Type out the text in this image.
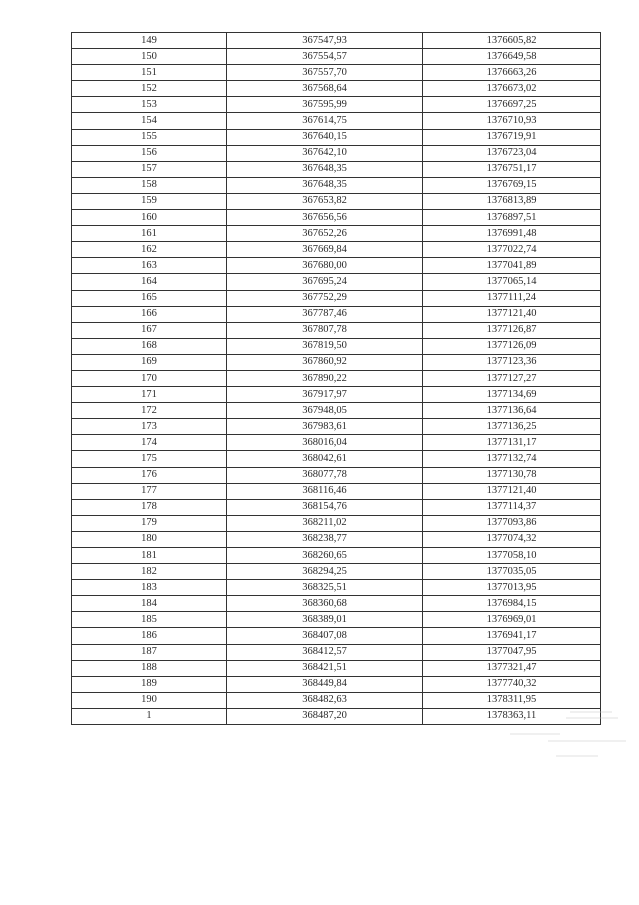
149	367547,93	1376605,82
150	367554,57	1376649,58
151	367557,70	1376663,26
152	367568,64	1376673,02
153	367595,99	1376697,25
154	367614,75	1376710,93
155	367640,15	1376719,91
156	367642,10	1376723,04
157	367648,35	1376751,17
158	367648,35	1376769,15
159	367653,82	1376813,89
160	367656,56	1376897,51
161	367652,26	1376991,48
162	367669,84	1377022,74
163	367680,00	1377041,89
164	367695,24	1377065,14
165	367752,29	1377111,24
166	367787,46	1377121,40
167	367807,78	1377126,87
168	367819,50	1377126,09
169	367860,92	1377123,36
170	367890,22	1377127,27
171	367917,97	1377134,69
172	367948,05	1377136,64
173	367983,61	1377136,25
174	368016,04	1377131,17
175	368042,61	1377132,74
176	368077,78	1377130,78
177	368116,46	1377121,40
178	368154,76	1377114,37
179	368211,02	1377093,86
180	368238,77	1377074,32
181	368260,65	1377058,10
182	368294,25	1377035,05
183	368325,51	1377013,95
184	368360,68	1376984,15
185	368389,01	1376969,01
186	368407,08	1376941,17
187	368412,57	1377047,95
188	368421,51	1377321,47
189	368449,84	1377740,32
190	368482,63	1378311,95
1	368487,20	1378363,11
